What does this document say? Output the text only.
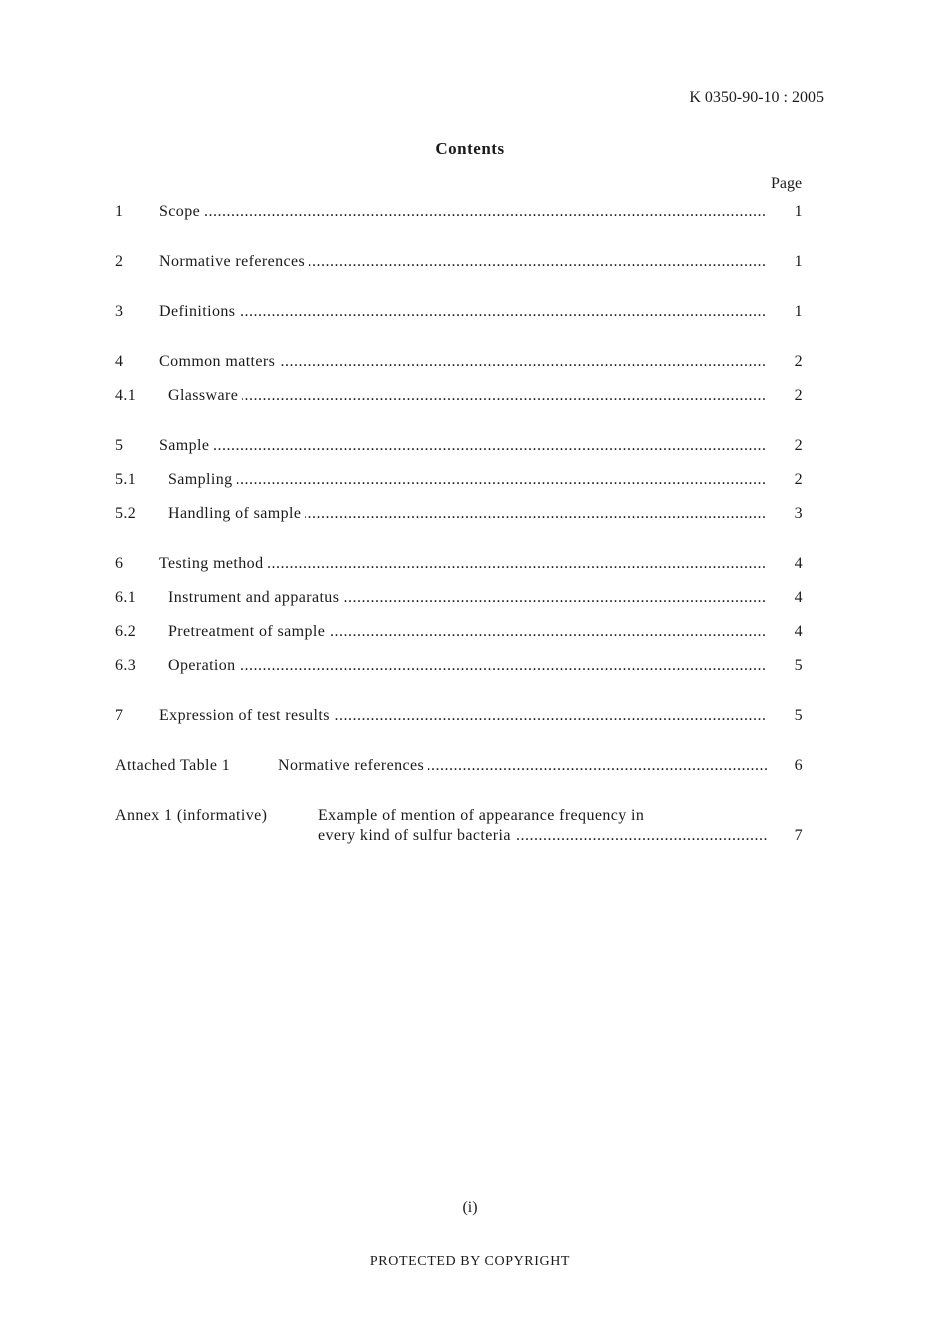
K 0350-90-10 : 2005
Contents
Page
1 ..... Scope	1
2 ..... Normative references	1
3 ..... Definitions	1
4 ..... Common matters	2
4.1 ..... Glassware	2
5 ..... Sample	2
5.1 ..... Sampling	2
5.2 ..... Handling of sample	3
6 ..... Testing method	4
6.1 ..... Instrument and apparatus	4
6.2 ..... Pretreatment of sample	4
6.3 ..... Operation	5
7 ..... Expression of test results	5
Attached Table 1 .....	Normative references	6
Annex 1 (informative)	Example of mention of appearance frequency in
.....
every kind of sulfur bacteria	7
(i)
PROTECTED BY COPYRIGHT
